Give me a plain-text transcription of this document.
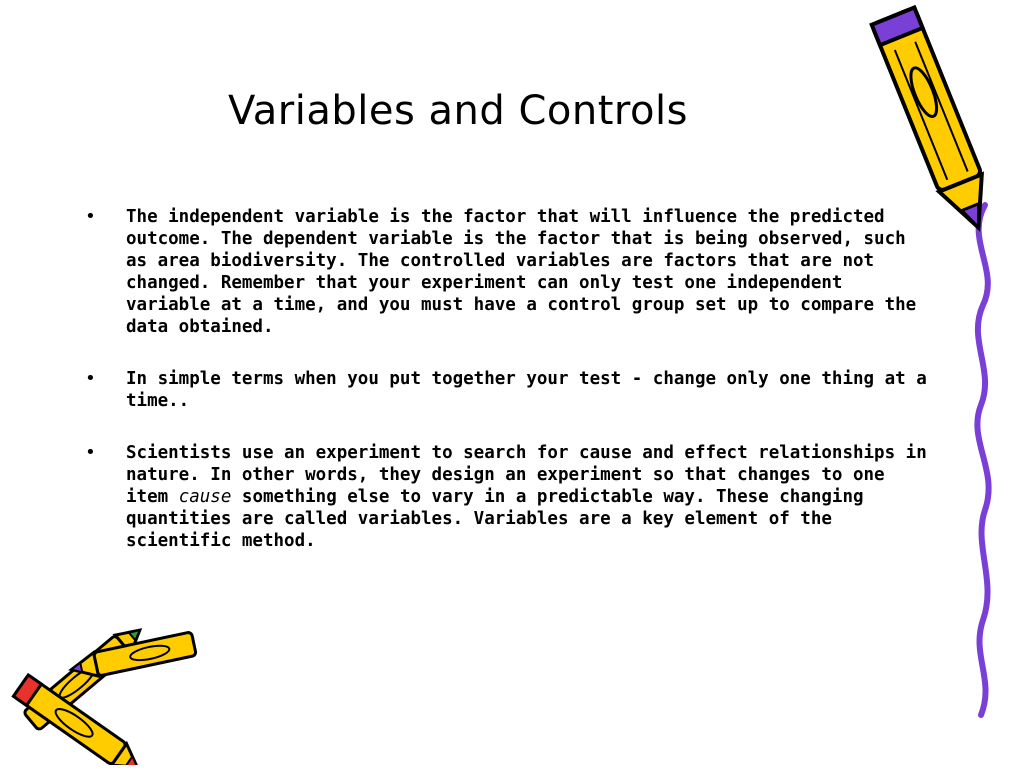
Variables and Controls
• The independent variable is the factor that will influence the predicted outcome. The dependent variable is the factor that is being observed, such as area biodiversity. The controlled variables are factors that are not changed. Remember that your experiment can only test one independent variable at a time, and you must have a control group set up to compare the data obtained.
• In simple terms when you put together your test - change only one thing at a time..
• Scientists use an experiment to search for cause and effect relationships in nature. In other words, they design an experiment so that changes to one item cause something else to vary in a predictable way. These changing quantities are called variables. Variables are a key element of the scientific method.
